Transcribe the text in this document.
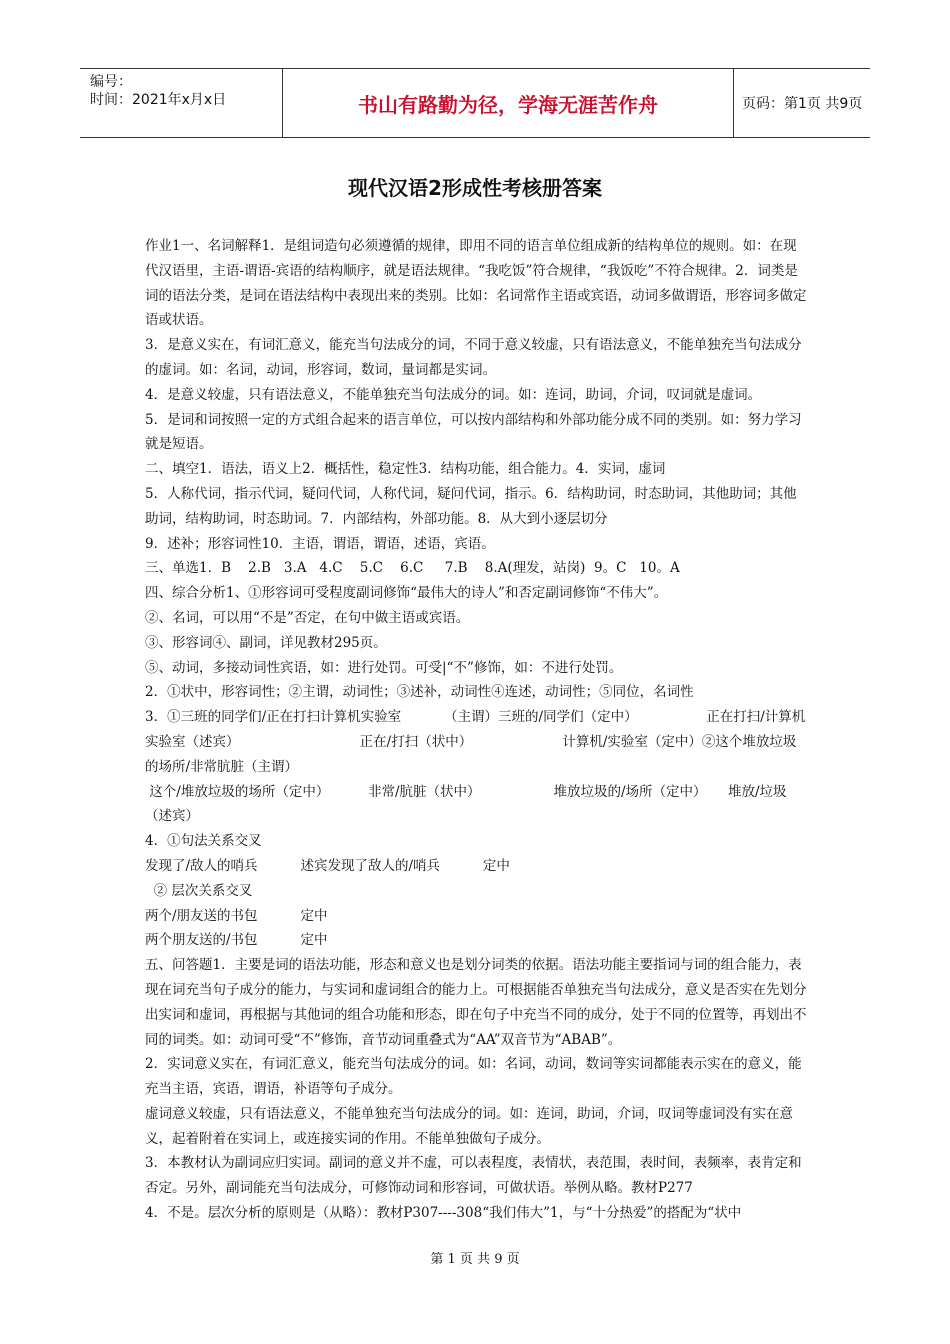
编号：
时间：2021年x月x日	书山有路勤为径，学海无涯苦作舟	页码：第1页 共9页
现代汉语2形成性考核册答案

作业1一、名词解释1．是组词造句必须遵循的规律，即用不同的语言单位组成新的结构单位的规则。如：在现代汉语里，主语-谓语-宾语的结构顺序，就是语法规律。“我吃饭”符合规律，“我饭吃”不符合规律。2．词类是词的语法分类，是词在语法结构中表现出来的类别。比如：名词常作主语或宾语，动词多做谓语，形容词多做定语或状语。

3．是意义实在，有词汇意义，能充当句法成分的词，不同于意义较虚，只有语法意义，不能单独充当句法成分的虚词。如：名词，动词，形容词，数词，量词都是实词。

4．是意义较虚，只有语法意义，不能单独充当句法成分的词。如：连词，助词，介词，叹词就是虚词。

5．是词和词按照一定的方式组合起来的语言单位，可以按内部结构和外部功能分成不同的类别。如：努力学习就是短语。

二、填空1．语法，语义上2．概括性，稳定性3．结构功能，组合能力。4．实词，虚词

5．人称代词，指示代词，疑问代词，人称代词，疑问代词，指示。6．结构助词，时态助词，其他助词；其他助词，结构助词，时态助词。7．内部结构，外部功能。8．从大到小逐层切分

9．述补；形容词性10．主语，谓语，谓语，述语，宾语。

三、单选1．B    2.B   3.A   4.C    5.C    6.C     7.B    8.A(理发，站岗)  9。C   10。A

四、综合分析1、①形容词可受程度副词修饰“最伟大的诗人”和否定副词修饰“不伟大”。

②、名词，可以用“不是”否定，在句中做主语或宾语。

③、形容词④、副词，详见教材295页。

⑤、动词，多接动词性宾语，如：进行处罚。可受|“不”修饰，如：不进行处罚。

2．①状中，形容词性；②主谓，动词性；③述补，动词性④连述，动词性；⑤同位，名词性

3．①三班的同学们/正在打扫计算机实验室          （主谓）三班的/同学们（定中）                正在打扫/计算机实验室（述宾）                            正在/打扫（状中）                     计算机/实验室（定中）②这个堆放垃圾的场所/非常肮脏（主谓）

这个/堆放垃圾的场所（定中）         非常/肮脏（状中）                 堆放垃圾的/场所（定中）     堆放/垃圾（述宾）

4．①句法关系交叉

发现了/敌人的哨兵          述宾发现了敌人的/哨兵          定中

② 层次关系交叉

两个/朋友送的书包          定中

两个朋友送的/书包          定中

五、问答题1．主要是词的语法功能，形态和意义也是划分词类的依据。语法功能主要指词与词的组合能力，表现在词充当句子成分的能力，与实词和虚词组合的能力上。可根据能否单独充当句法成分，意义是否实在先划分出实词和虚词，再根据与其他词的组合功能和形态，即在句子中充当不同的成分，处于不同的位置等，再划出不同的词类。如：动词可受“不”修饰，音节动词重叠式为“AA”双音节为“ABAB”。

2．实词意义实在，有词汇意义，能充当句法成分的词。如：名词，动词，数词等实词都能表示实在的意义，能充当主语，宾语，谓语，补语等句子成分。

虚词意义较虚，只有语法意义，不能单独充当句法成分的词。如：连词，助词，介词，叹词等虚词没有实在意义，起着附着在实词上，或连接实词的作用。不能单独做句子成分。

3．本教材认为副词应归实词。副词的意义并不虚，可以表程度，表情状，表范围，表时间，表频率，表肯定和否定。另外，副词能充当句法成分，可修饰动词和形容词，可做状语。举例从略。教材P277

4．不是。层次分析的原则是（从略）：教材P307----308“我们伟大”1，与“十分热爱”的搭配为“状中

第 1 页 共 9 页
